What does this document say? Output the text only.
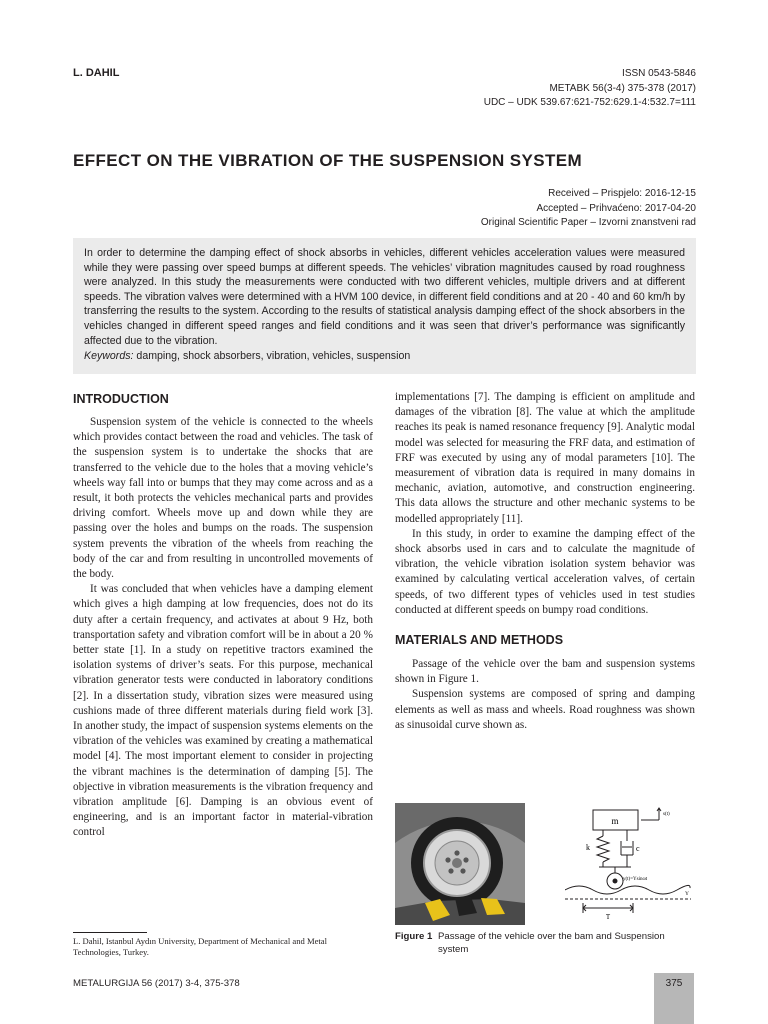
L. DAHIL	ISSN 0543-5846
METABK 56(3-4) 375-378 (2017)
UDC – UDK 539.67:621-752:629.1-4:532.7=111
EFFECT ON THE VIBRATION OF THE SUSPENSION SYSTEM
Received – Prispjelo: 2016-12-15
Accepted – Prihvaćeno: 2017-04-20
Original Scientific Paper – Izvorni znanstveni rad

In order to determine the damping effect of shock absorbs in vehicles, different vehicles acceleration values were measured while they were passing over speed bumps at different speeds. The vehicles’ vibration magnitudes caused by road roughness were analyzed. In this study the measurements were conducted with two different vehicles, multiple drivers and at different speeds. The vibration valves were determined with a HVM 100 device, in different field conditions and at 20 - 40 and 60 km/h by transferring the results to the system. According to the results of statistical analysis damping effect of the shock absorbers in the vehicles changed in different speed ranges and field conditions and it was seen that driver’s performance was significantly affected due to the vibration.

Keywords: damping, shock absorbers, vibration, vehicles, suspension

INTRODUCTION

Suspension system of the vehicle is connected to the wheels which provides contact between the road and vehicles. The task of the suspension system is to undertake the shocks that are transferred to the vehicle due to the holes that a moving vehicle’s wheels way fall into or bumps that they may come across and as a result, it both protects the vehicles mechanical parts and provides driving comfort. Wheels move up and down while they are passing over the holes and bumps on the roads. The suspension system prevents the vibration of the wheels from reaching the body of the car and from resulting in uncontrolled movements of the body.

It was concluded that when vehicles have a damping element which gives a high damping at low frequencies, does not do its duty after a certain frequency, and activates at about 9 Hz, both transportation safety and vibration comfort will be in about a 20 % better state [1]. In a study on repetitive tractors examined the isolation systems of driver’s seats. For this purpose, mechanical vibration generator tests were conducted in laboratory conditions [2]. In a dissertation study, vibration sizes were measured using cushions made of three different materials during field work [3]. In another study, the impact of suspension systems elements on the vibration of the vehicles was examined by creating a mathematical model [4]. The most important element to consider in projecting the vibrant machines is the determination of damping [5]. The objective in vibration measurements is the vibration frequency and vibration amplitude [6]. Damping is an obvious event of engineering, and is an important factor in material-vibration control

implementations [7]. The damping is efficient on amplitude and damages of the vibration [8]. The value at which the amplitude reaches its peak is named resonance frequency [9]. Analytic modal model was selected for measuring the FRF data, and estimation of FRF was executed by using any of modal parameters [10]. The measurement of vibration data is required in many domains in mechanic, aviation, automotive, and construction engineering. This data allows the structure and other mechanic systems to be modelled appropriately [11].

In this study, in order to examine the damping effect of the shock absorbs used in cars and to calculate the magnitude of vibration, the vehicle vibration isolation system behavior was examined by calculating vertical acceleration valves, of certain speeds, of two different types of vehicles used in test studies conducted at different speeds on bumpy road conditions.

MATERIALS AND METHODS

Passage of the vehicle over the bam and suspension systems shown in Figure 1.

Suspension systems are composed of spring and damping elements as well as mass and wheels. Road roughness was shown as sinusoidal curve shown as.

m
s(t)
k	c
y(t)=Ysinωt
Y
T
Figure 1 Passage of the vehicle over the bam and Suspension system
L. Dahil, Istanbul Aydın University, Department of Mechanical and Metal Technologies, Turkey.
METALURGIJA 56 (2017) 3-4, 375-378	375
